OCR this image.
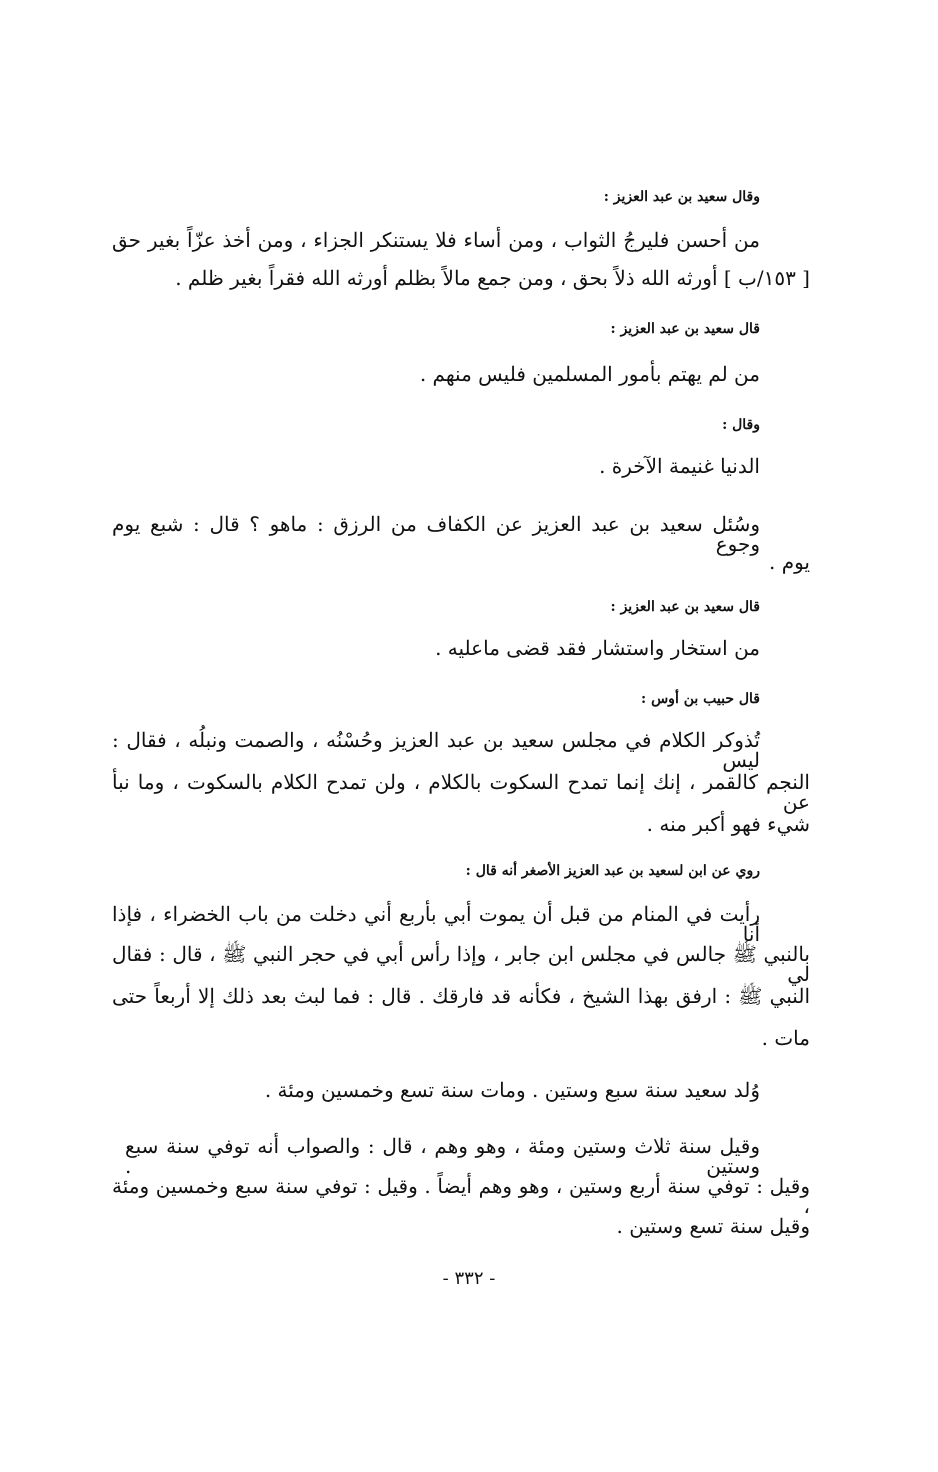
وقال سعيد بن عبد العزيز :
من أحسن فليرجُ الثواب ، ومن أساء فلا يستنكر الجزاء ، ومن أخذ عزّاً بغير حق
[ ١٥٣/ب ] أورثه الله ذلاً بحق ، ومن جمع مالاً بظلم أورثه الله فقراً بغير ظلم .
قال سعيد بن عبد العزيز :
من لم يهتم بأمور المسلمين فليس منهم .
وقال :
الدنيا غنيمة الآخرة .
وسُئل سعيد بن عبد العزيز عن الكفاف من الرزق : ماهو ؟ قال : شبع يوم وجوع
يوم .
قال سعيد بن عبد العزيز :
من استخار واستشار فقد قضى ماعليه .
قال حبيب بن أوس :
تُذوكر الكلام في مجلس سعيد بن عبد العزيز وحُسْنُه ، والصمت ونبلُه ، فقال : ليس
النجم كالقمر ، إنك إنما تمدح السكوت بالكلام ، ولن تمدح الكلام بالسكوت ، وما نبأ عن
شيء فهو أكبر منه .
روي عن ابن لسعيد بن عبد العزيز الأصغر أنه قال :
رأيت في المنام من قبل أن يموت أبي بأربع أني دخلت من باب الخضراء ، فإذا أنا
بالنبي ﷺ جالس في مجلس ابن جابر ، وإذا رأس أبي في حجر النبي ﷺ ، قال : فقال لي
النبي ﷺ : ارفق بهذا الشيخ ، فكأنه قد فارقك . قال : فما لبث بعد ذلك إلا أربعاً حتى
مات .
وُلد سعيد سنة سبع وستين . ومات سنة تسع وخمسين ومئة .
وقيل سنة ثلاث وستين ومئة ، وهو وهم ، قال : والصواب أنه توفي سنة سبع وستين .
وقيل : توفي سنة أربع وستين ، وهو وهم أيضاً . وقيل : توفي سنة سبع وخمسين ومئة ،
وقيل سنة تسع وستين .
- ٣٣٢ -
